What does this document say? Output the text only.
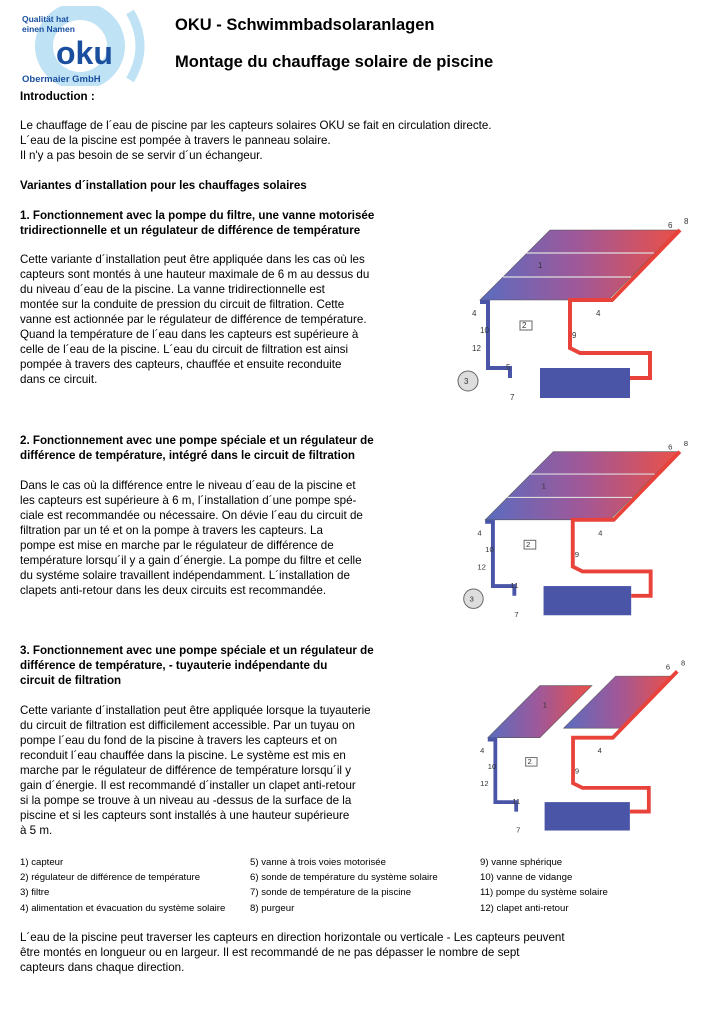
Qualität hat
einen Namen
oku
Obermaier GmbH
OKU - Schwimmbadsolaranlagen
Montage du chauffage solaire de piscine
Introduction :
Le chauffage de l´eau de piscine par les capteurs solaires OKU se fait en circulation directe.
L´eau de la piscine est pompée à travers le panneau solaire.
Il n'y a pas besoin de se servir d´un échangeur.
Variantes d´installation pour les chauffages solaires
1. Fonctionnement avec la pompe du filtre, une vanne motorisée
tridirectionnelle et un régulateur de différence de température
Cette variante d´installation peut être appliquée dans les cas où les
capteurs sont montés à une hauteur maximale de 6 m au dessus du
du niveau d´eau de la piscine. La vanne tridirectionnelle est
montée sur la conduite de pression du circuit de filtration. Cette
vanne est actionnée par le régulateur de différence de température.
Quand la température de l´eau dans les capteurs est supérieure à
celle de l´eau de la piscine. L´eau du circuit de filtration est ainsi
pompée à travers des capteurs, chauffée et ensuite reconduite
dans ce circuit.
2. Fonctionnement avec une pompe spéciale et un régulateur de
différence de température, intégré dans le circuit de filtration
Dans le cas où la différence entre le niveau d´eau de la piscine et
les capteurs est supérieure à 6 m, l´installation d´une pompe spé-
ciale est recommandée ou nécessaire. On dévie l´eau du circuit de
filtration par un té et on la pompe à travers les capteurs. La
pompe est mise en marche par le régulateur de différence de
température lorsqu´il y a gain d´énergie. La pompe du filtre et celle
du systéme solaire travaillent indépendamment. L´installation de
clapets anti-retour dans les deux circuits est recommandée.
3. Fonctionnement avec une pompe spéciale et un régulateur de
différence de température, - tuyauterie indépendante du
circuit de filtration
Cette variante d´installation peut être appliquée lorsque la tuyauterie
du circuit de filtration est difficilement accessible. Par un tuyau on
pompe l´eau du fond de la piscine à travers les capteurs et on
reconduit l´eau chauffée dans la piscine. Le système est mis en
marche par le régulateur de différence de température lorsqu´il y
gain d´énergie. Il est recommandé d´installer un clapet anti-retour
si la pompe se trouve à un niveau au -dessus de la surface de la
piscine et si les capteurs sont installés à une hauteur supérieure
à 5 m.
6 8
1
4
10
4
2
12
5
9
3
7
6 8
1
4
10
4
2
12
11
9
3
7
6 8
1
4
10
4
2
12
11
9
7
1) capteur
2) régulateur de différence de température
3) filtre
4) alimentation et évacuation du système solaire
5) vanne à trois voies motorisée
6) sonde de température du système solaire
7) sonde de température de la piscine
8) purgeur
9) vanne sphérique
10) vanne de vidange
11) pompe du système solaire
12) clapet anti-retour
L´eau de la piscine peut traverser les capteurs en direction horizontale ou verticale - Les capteurs peuvent
être montés en longueur ou en largeur. Il est recommandé de ne pas dépasser le nombre de sept
capteurs dans chaque direction.
